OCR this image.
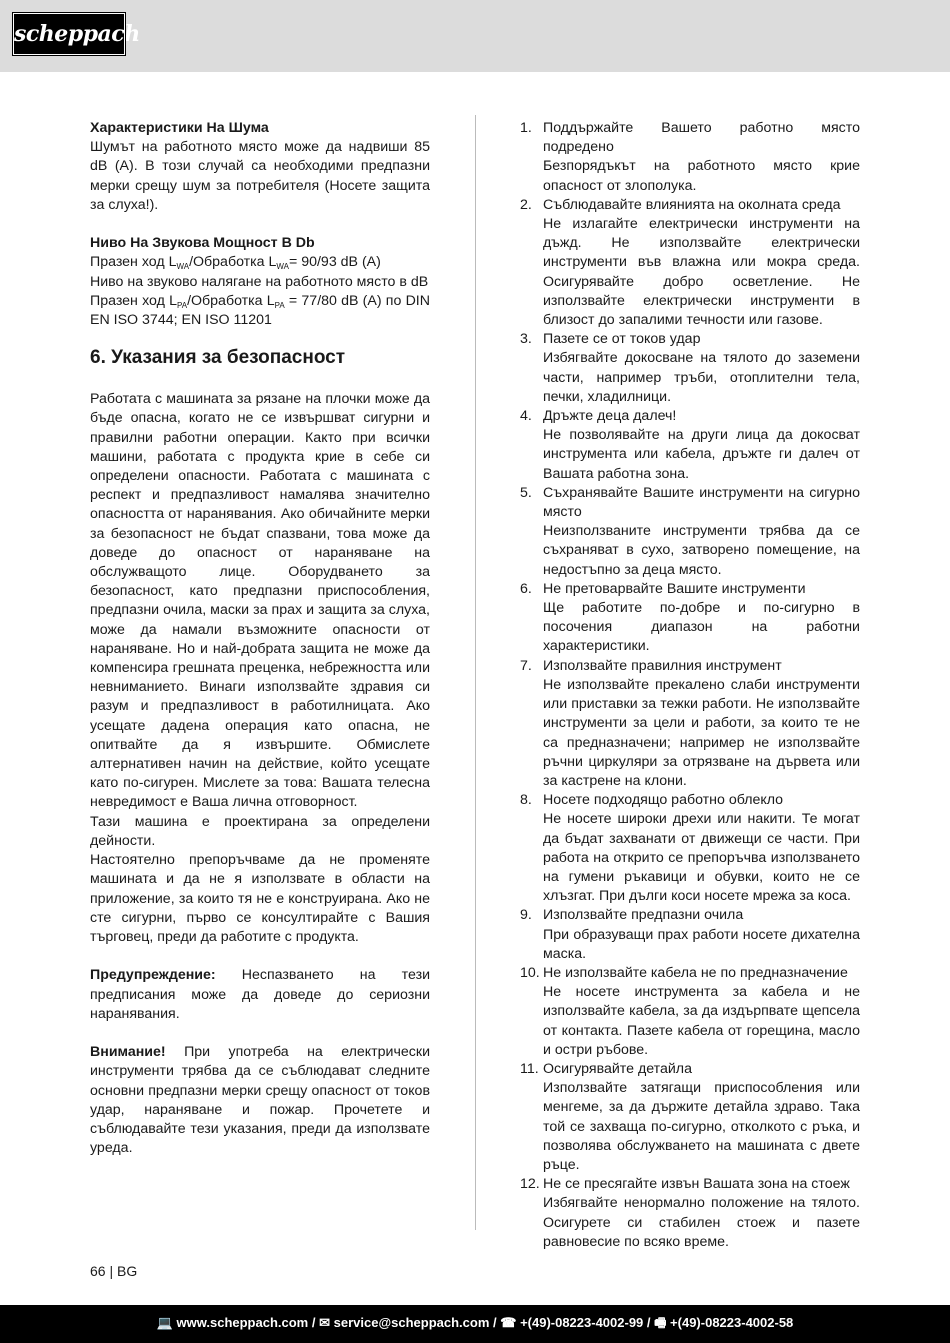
scheppach

Характеристики На Шума

Шумът на работното място може да надвиши 85 dB (A). В този случай са необходими предпазни мерки срещу шум за потребителя (Носете защита за слуха!).

Ниво На Звукова Мощност В Db

Празен ход $L_{WA}$/Обработка $L_{WA}= 90/93$ dB (A)

Ниво на звуково налягане на работното място в dB

Празен ход $L_{PA}$/Обработка $L_{PA} = 77/80$ dB (A) по DIN EN ISO 3744; EN ISO 11201

6. Указания за безопасност

Работата с машината за рязане на плочки може да бъде опасна, когато не се извършват сигурни и правилни работни операции. Както при всички машини, работата с продукта крие в себе си определени опасности. Работата с машината с респект и предпазливост намалява значително опасността от наранявания. Ако обичайните мерки за безопасност не бъдат спазвани, това може да доведе до опасност от нараняване на обслужващото лице. Оборудването за безопасност, като предпазни приспособления, предпазни очила, маски за прах и защита за слуха, може да намали възможните опасности от нараняване. Но и най-добрата защита не може да компенсира грешната преценка, небрежността или невниманието. Винаги използвайте здравия си разум и предпазливост в работилницата. Ако усещате дадена операция като опасна, не опитвайте да я извършите. Обмислете алтернативен начин на действие, който усещате като по-сигурен. Мислете за това: Вашата телесна невредимост е Ваша лична отговорност.

Тази машина е проектирана за определени дейности.

Настоятелно препоръчваме да не променяте машината и да не я използвате в области на приложение, за които тя не е конструирана. Ако не сте сигурни, първо се консултирайте с Вашия търговец, преди да работите с продукта.

Предупреждение: Неспазването на тези предписания може да доведе до сериозни наранявания.

Внимание! При употреба на електрически инструменти трябва да се съблюдават следните основни предпазни мерки срещу опасност от токов удар, нараняване и пожар. Прочетете и съблюдавайте тези указания, преди да използвате уреда.

1. Поддържайте Вашето работно място подредено
Безпорядъкът на работното място крие опасност от злополука.
2. Съблюдавайте влиянията на околната среда
Не излагайте електрически инструменти на дъжд. Не използвайте електрически инструменти във влажна или мокра среда. Осигурявайте добро осветление. Не използвайте електрически инструменти в близост до запалими течности или газове.
3. Пазете се от токов удар
Избягвайте докосване на тялото до заземени части, например тръби, отоплителни тела, печки, хладилници.
4. Дръжте деца далеч!
Не позволявайте на други лица да докосват инструмента или кабела, дръжте ги далеч от Вашата работна зона.
5. Съхранявайте Вашите инструменти на сигурно място
Неизползваните инструменти трябва да се съхраняват в сухо, затворено помещение, на недостъпно за деца място.
6. Не претоварвайте Вашите инструменти
Ще работите по-добре и по-сигурно в посочения диапазон на работни характеристики.
7. Използвайте правилния инструмент
Не използвайте прекалено слаби инструменти или приставки за тежки работи. Не използвайте инструменти за цели и работи, за които те не са предназначени; например не използвайте ръчни циркуляри за отрязване на дървета или за кастрене на клони.
8. Носете подходящо работно облекло
Не носете широки дрехи или накити. Те могат да бъдат захванати от движещи се части. При работа на открито се препоръчва използването на гумени ръкавици и обувки, които не се хлъзгат. При дълги коси носете мрежа за коса.
9. Използвайте предпазни очила
При образуващи прах работи носете дихателна маска.
10. Не използвайте кабела не по предназначение
Не носете инструмента за кабела и не използвайте кабела, за да издърпвате щепсела от контакта. Пазете кабела от горещина, масло и остри ръбове.
11. Осигурявайте детайла
Използвайте затягащи приспособления или менгеме, за да държите детайла здраво. Така той се захваща по-сигурно, отколкото с ръка, и позволява обслужването на машината с двете ръце.
12. Не се пресягайте извън Вашата зона на стоеж
Избягвайте ненормално положение на тялото. Осигурете си стабилен стоеж и пазете равновесие по всяко време.
66 | BG
💻 www.scheppach.com / ✉ service@scheppach.com / ☎ +(49)-08223-4002-99 / 🖷 +(49)-08223-4002-58
